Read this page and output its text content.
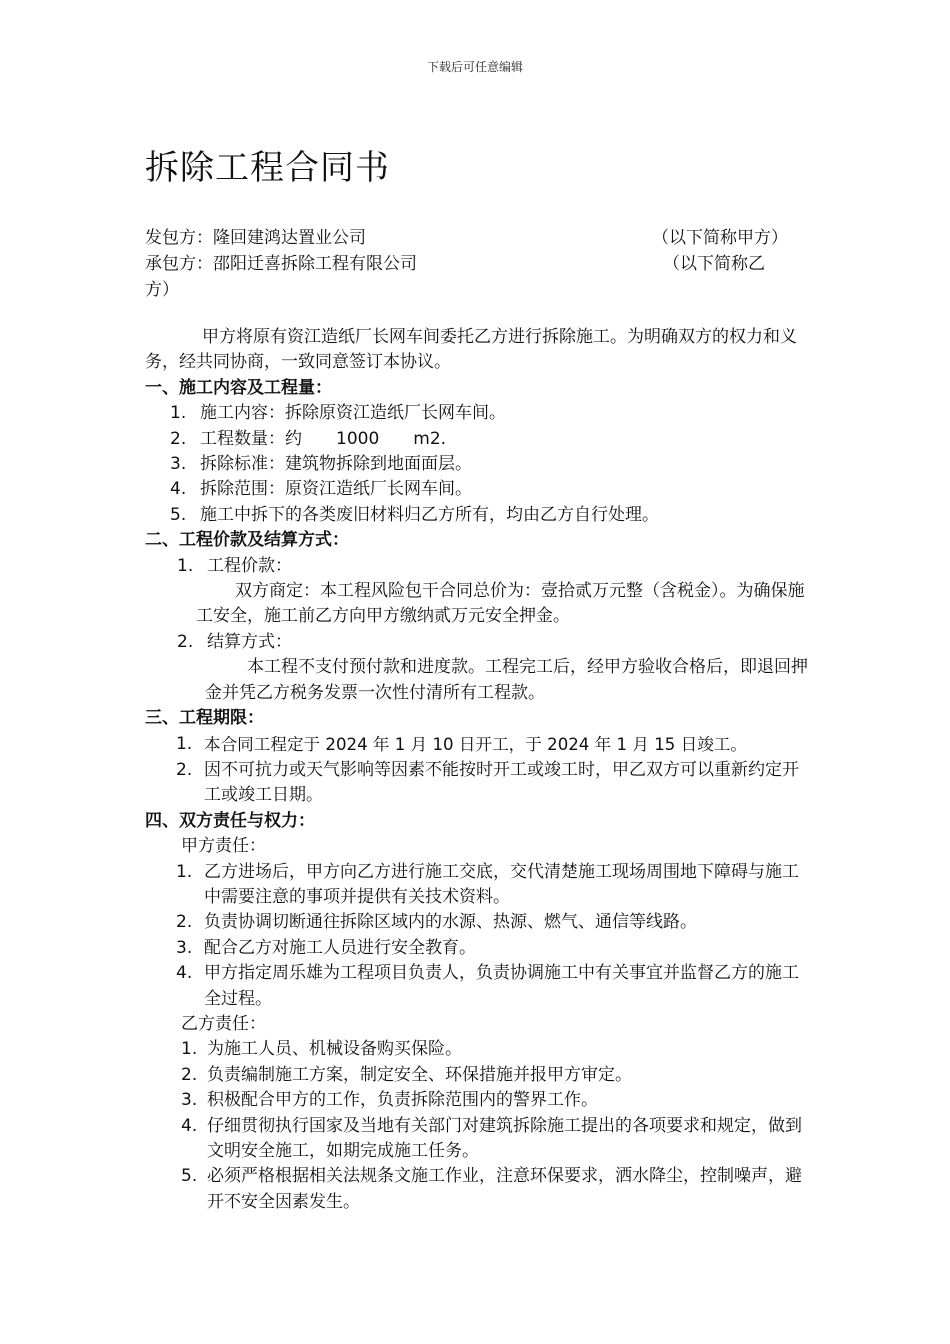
下载后可任意编辑
拆除工程合同书
发包方：隆回建鸿达置业公司	（以下简称甲方）
承包方：邵阳迁喜拆除工程有限公司	（以下简称乙
方）
甲方将原有资江造纸厂长网车间委托乙方进行拆除施工。为明确双方的权力和义务，经共同协商，一致同意签订本协议。
一、施工内容及工程量：
1. 施工内容：拆除原资江造纸厂长网车间。
2. 工程数量：约　　1000　　m2.
3. 拆除标准：建筑物拆除到地面面层。
4. 拆除范围：原资江造纸厂长网车间。
5. 施工中拆下的各类废旧材料归乙方所有，均由乙方自行处理。
二、工程价款及结算方式：
1. 工程价款：
双方商定：本工程风险包干合同总价为：壹拾贰万元整（含税金）。为确保施工安全，施工前乙方向甲方缴纳贰万元安全押金。
2. 结算方式：
本工程不支付预付款和进度款。工程完工后，经甲方验收合格后，即退回押金并凭乙方税务发票一次性付清所有工程款。
三、工程期限：
1. 本合同工程定于 2024 年 1 月 10 日开工，于 2024 年 1 月 15 日竣工。
2. 因不可抗力或天气影响等因素不能按时开工或竣工时，甲乙双方可以重新约定开工或竣工日期。
四、双方责任与权力：
甲方责任：
1. 乙方进场后，甲方向乙方进行施工交底，交代清楚施工现场周围地下障碍与施工中需要注意的事项并提供有关技术资料。
2. 负责协调切断通往拆除区域内的水源、热源、燃气、通信等线路。
3. 配合乙方对施工人员进行安全教育。
4. 甲方指定周乐雄为工程项目负责人，负责协调施工中有关事宜并监督乙方的施工全过程。
乙方责任：
1. 为施工人员、机械设备购买保险。
2. 负责编制施工方案，制定安全、环保措施并报甲方审定。
3. 积极配合甲方的工作，负责拆除范围内的警界工作。
4. 仔细贯彻执行国家及当地有关部门对建筑拆除施工提出的各项要求和规定，做到文明安全施工，如期完成施工任务。
5. 必须严格根据相关法规条文施工作业，注意环保要求，洒水降尘，控制噪声，避开不安全因素发生。
